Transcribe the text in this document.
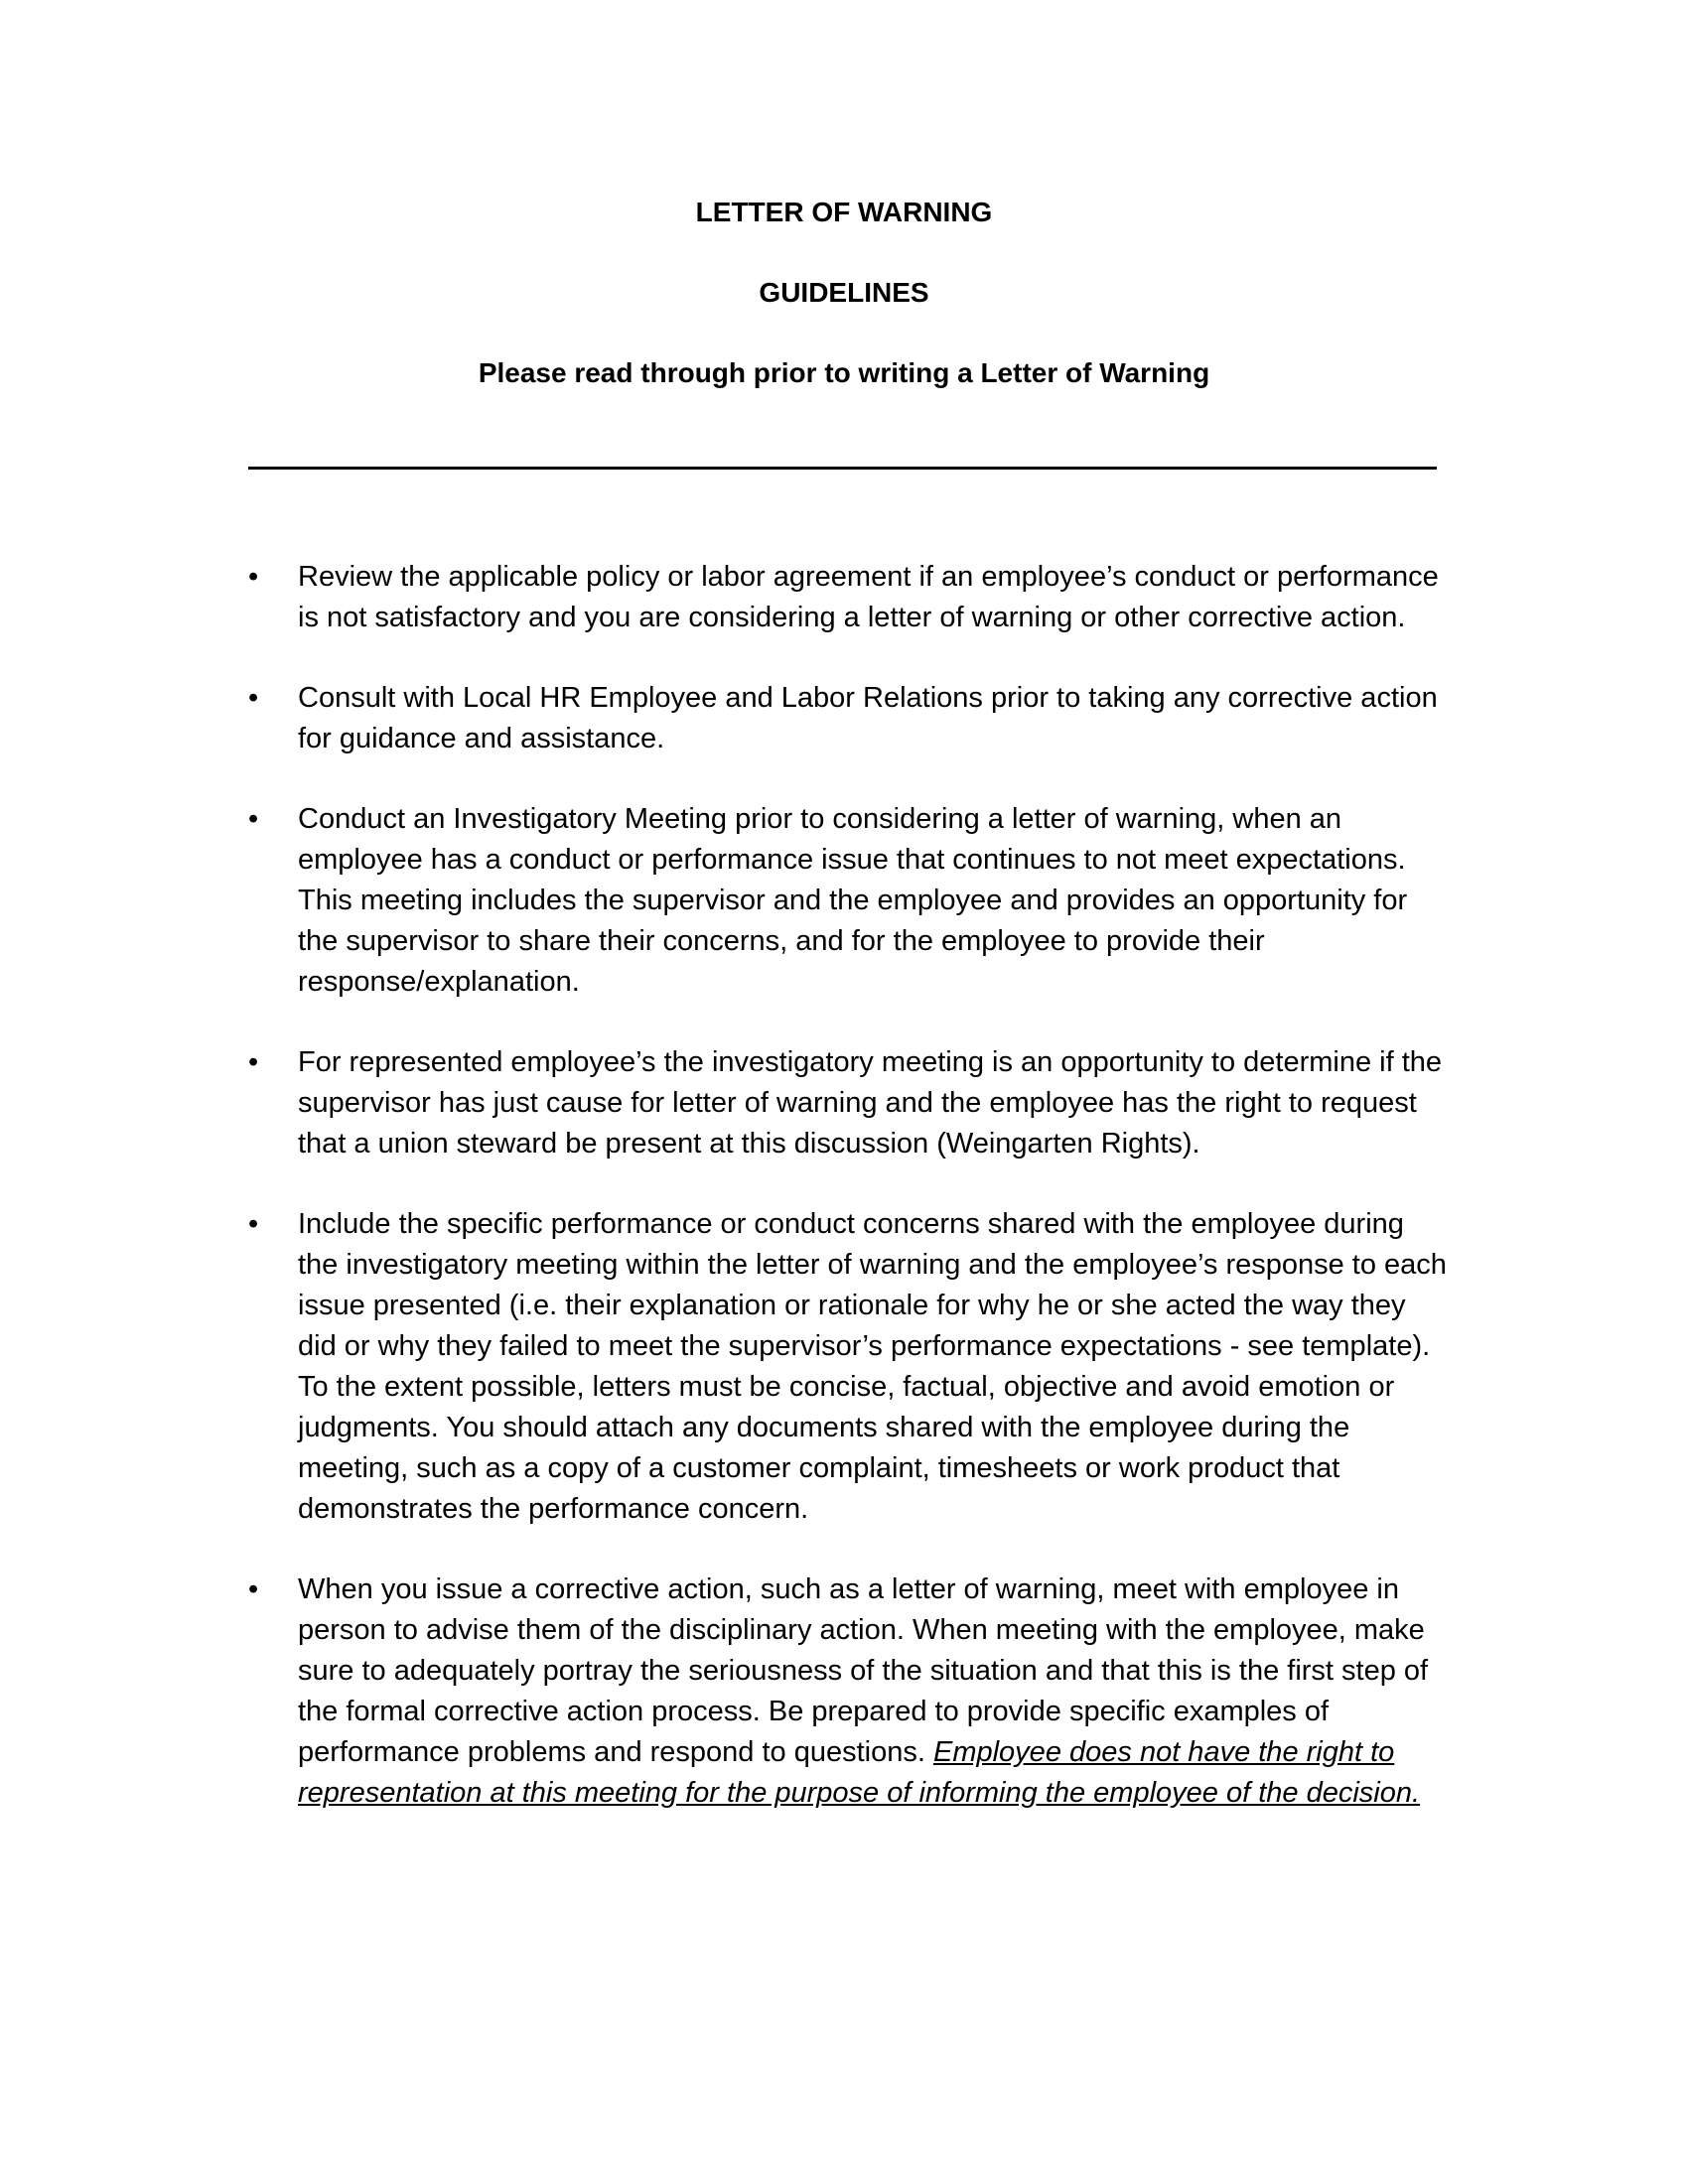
LETTER OF WARNING

GUIDELINES

Please read through prior to writing a Letter of Warning

•	Review the applicable policy or labor agreement if an employee’s conduct or performance is not satisfactory and you are considering a letter of warning or other corrective action.
•	Consult with Local HR Employee and Labor Relations prior to taking any corrective action for guidance and assistance.
•	Conduct an Investigatory Meeting prior to considering a letter of warning, when an employee has a conduct or performance issue that continues to not meet expectations. This meeting includes the supervisor and the employee and provides an opportunity for the supervisor to share their concerns, and for the employee to provide their response/explanation.
•	For represented employee’s the investigatory meeting is an opportunity to determine if the supervisor has just cause for letter of warning and the employee has the right to request that a union steward be present at this discussion (Weingarten Rights).
•	Include the specific performance or conduct concerns shared with the employee during the investigatory meeting within the letter of warning and the employee’s response to each issue presented (i.e. their explanation or rationale for why he or she acted the way they did or why they failed to meet the supervisor’s performance expectations - see template). To the extent possible, letters must be concise, factual, objective and avoid emotion or judgments. You should attach any documents shared with the employee during the meeting, such as a copy of a customer complaint, timesheets or work product that demonstrates the performance concern.
•	When you issue a corrective action, such as a letter of warning, meet with employee in person to advise them of the disciplinary action. When meeting with the employee, make sure to adequately portray the seriousness of the situation and that this is the first step of the formal corrective action process. Be prepared to provide specific examples of performance problems and respond to questions. Employee does not have the right to representation at this meeting for the purpose of informing the employee of the decision.
